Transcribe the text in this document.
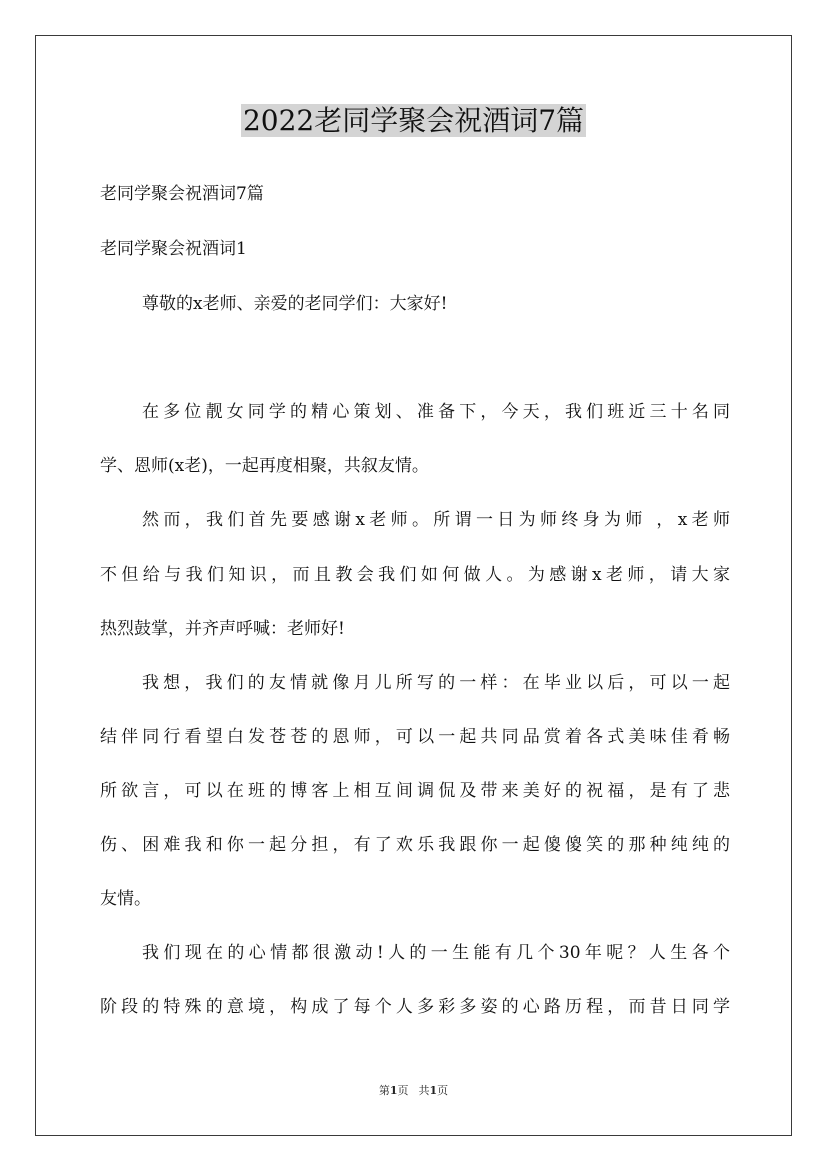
2022老同学聚会祝酒词7篇

老同学聚会祝酒词7篇

老同学聚会祝酒词1

尊敬的x老师、亲爱的老同学们：大家好!

在多位靓女同学的精心策划、准备下，今天，我们班近三十名同

学、恩师(x老)，一起再度相聚，共叙友情。

然而，我们首先要感谢x老师。所谓一日为师终身为师 ，x老师

不但给与我们知识，而且教会我们如何做人。为感谢x老师，请大家

热烈鼓掌，并齐声呼喊：老师好!

我想，我们的友情就像月儿所写的一样：在毕业以后，可以一起

结伴同行看望白发苍苍的恩师，可以一起共同品赏着各式美味佳肴畅

所欲言，可以在班的博客上相互间调侃及带来美好的祝福，是有了悲

伤、困难我和你一起分担，有了欢乐我跟你一起傻傻笑的那种纯纯的

友情。

我们现在的心情都很激动!人的一生能有几个30年呢？人生各个

阶段的特殊的意境，构成了每个人多彩多姿的心路历程，而昔日同学

第1页 共1页
